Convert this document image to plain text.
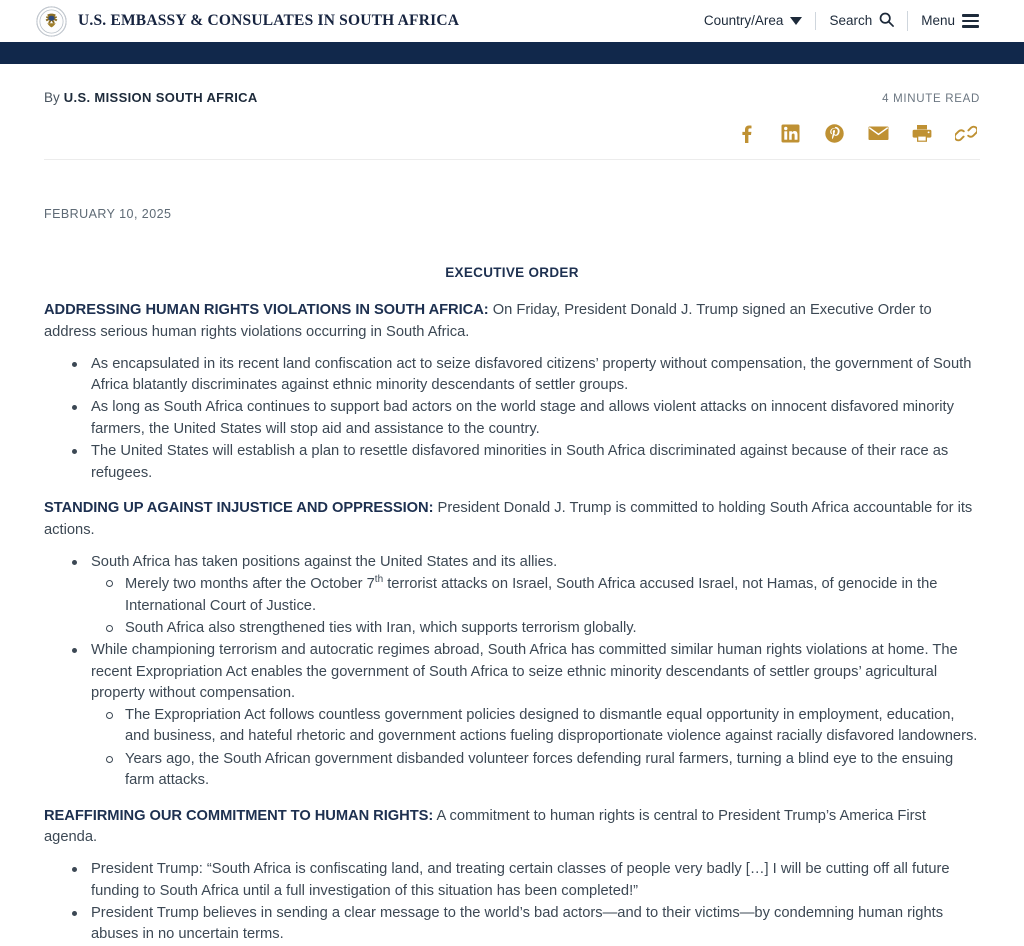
U.S. EMBASSY & CONSULATES IN SOUTH AFRICA	Country/Area	Search	Menu
By U.S. MISSION SOUTH AFRICA	4 MINUTE READ
FEBRUARY 10, 2025
EXECUTIVE ORDER

ADDRESSING HUMAN RIGHTS VIOLATIONS IN SOUTH AFRICA: On Friday, President Donald J. Trump signed an Executive Order to address serious human rights violations occurring in South Africa.

As encapsulated in its recent land confiscation act to seize disfavored citizens’ property without compensation, the government of South Africa blatantly discriminates against ethnic minority descendants of settler groups.
As long as South Africa continues to support bad actors on the world stage and allows violent attacks on innocent disfavored minority farmers, the United States will stop aid and assistance to the country.
The United States will establish a plan to resettle disfavored minorities in South Africa discriminated against because of their race as refugees.

STANDING UP AGAINST INJUSTICE AND OPPRESSION: President Donald J. Trump is committed to holding South Africa accountable for its actions.

South Africa has taken positions against the United States and its allies.
Merely two months after the October 7th terrorist attacks on Israel, South Africa accused Israel, not Hamas, of genocide in the International Court of Justice.
South Africa also strengthened ties with Iran, which supports terrorism globally.
While championing terrorism and autocratic regimes abroad, South Africa has committed similar human rights violations at home. The recent Expropriation Act enables the government of South Africa to seize ethnic minority descendants of settler groups’ agricultural property without compensation.
The Expropriation Act follows countless government policies designed to dismantle equal opportunity in employment, education, and business, and hateful rhetoric and government actions fueling disproportionate violence against racially disfavored landowners.
Years ago, the South African government disbanded volunteer forces defending rural farmers, turning a blind eye to the ensuing farm attacks.

REAFFIRMING OUR COMMITMENT TO HUMAN RIGHTS: A commitment to human rights is central to President Trump’s America First agenda.

President Trump: “South Africa is confiscating land, and treating certain classes of people very badly […] I will be cutting off all future funding to South Africa until a full investigation of this situation has been completed!”
President Trump believes in sending a clear message to the world’s bad actors—and to their victims—by condemning human rights abuses in no uncertain terms.
